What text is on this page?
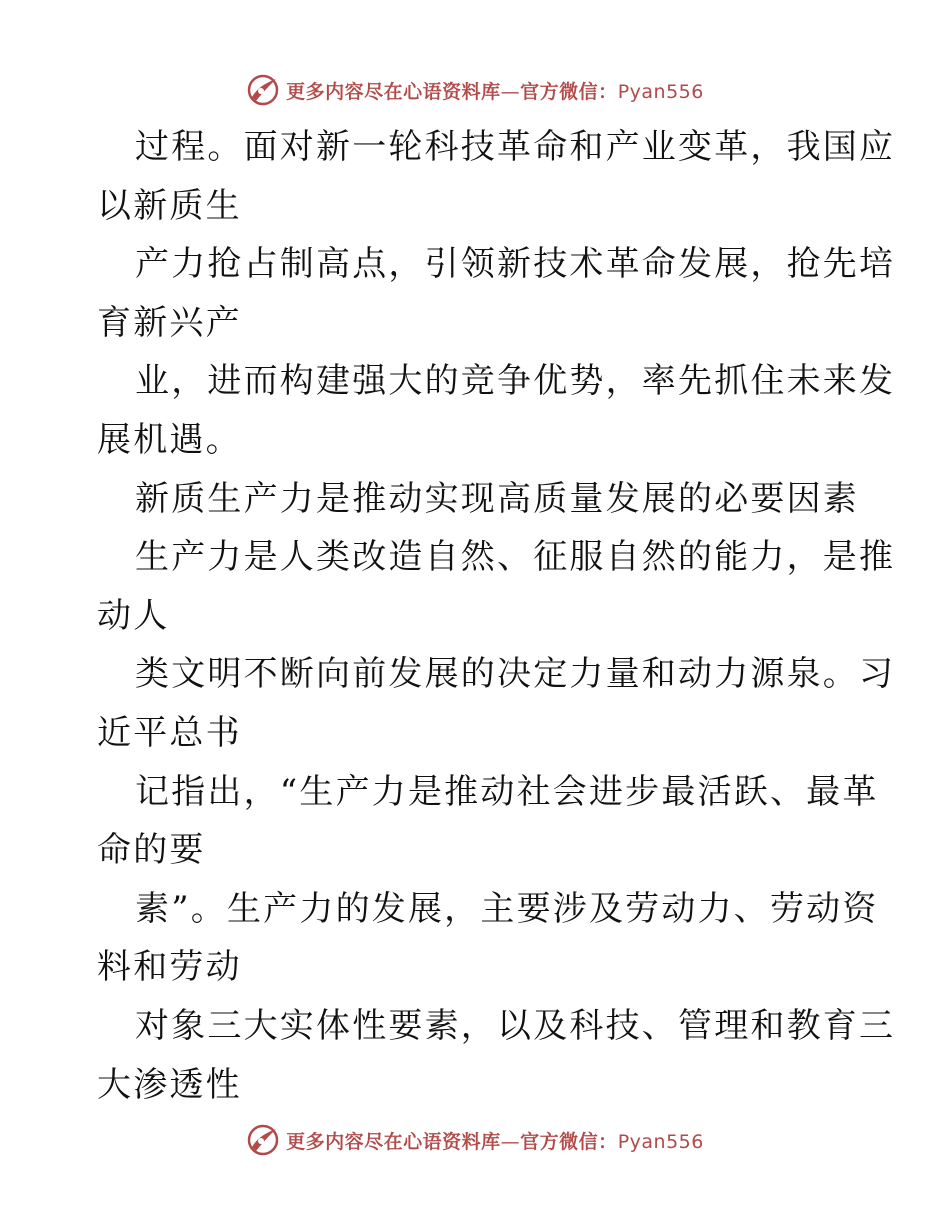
更多内容尽在心语资料库—官方微信：Pyan556
过程。面对新一轮科技革命和产业变革，我国应
以新质生
产力抢占制高点，引领新技术革命发展，抢先培
育新兴产
业，进而构建强大的竞争优势，率先抓住未来发
展机遇。
新质生产力是推动实现高质量发展的必要因素
生产力是人类改造自然、征服自然的能力，是推
动人
类文明不断向前发展的决定力量和动力源泉。习
近平总书
记指出，“生产力是推动社会进步最活跃、最革
命的要
素”。生产力的发展，主要涉及劳动力、劳动资
料和劳动
对象三大实体性要素，以及科技、管理和教育三
大渗透性
更多内容尽在心语资料库—官方微信：Pyan556
